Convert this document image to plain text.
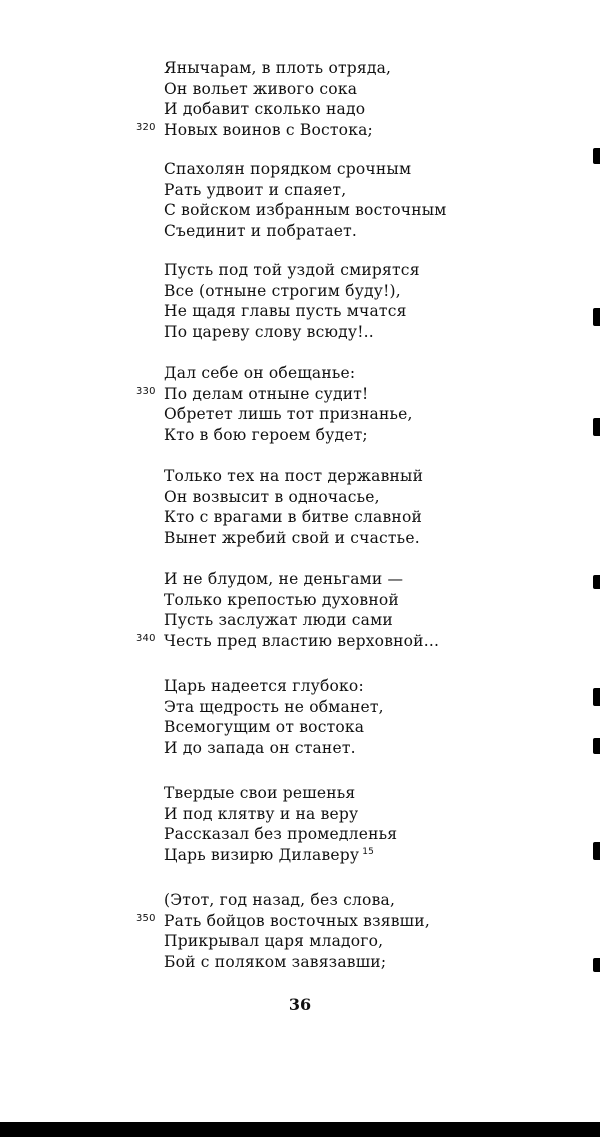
Янычарам, в плоть отряда,
Он вольет живого сока
И добавит сколько надо
320 Новых воинов с Востока;
Спахолян порядком срочным
Рать удвоит и спаяет,
С войском избранным восточным
Съединит и побратает.
Пусть под той уздой смирятся
Все (отныне строгим буду!),
Не щадя главы пусть мчатся
По цареву слову всюду!..
Дал себе он обещанье:
330 По делам отныне судит!
Обретет лишь тот признанье,
Кто в бою героем будет;
Только тех на пост державный
Он возвысит в одночасье,
Кто с врагами в битве славной
Вынет жребий свой и счастье.
И не блудом, не деньгами —
Только крепостью духовной
Пусть заслужат люди сами
340 Честь пред властию верховной...
Царь надеется глубоко:
Эта щедрость не обманет,
Всемогущим от востока
И до запада он станет.
Твердые свои решенья
И под клятву и на веру
Рассказал без промедленья
Царь визирю Дилаверу $^{15}$
(Этот, год назад, без слова,
350 Рать бойцов восточных взявши,
Прикрывал царя младого,
Бой с поляком завязавши;
36
